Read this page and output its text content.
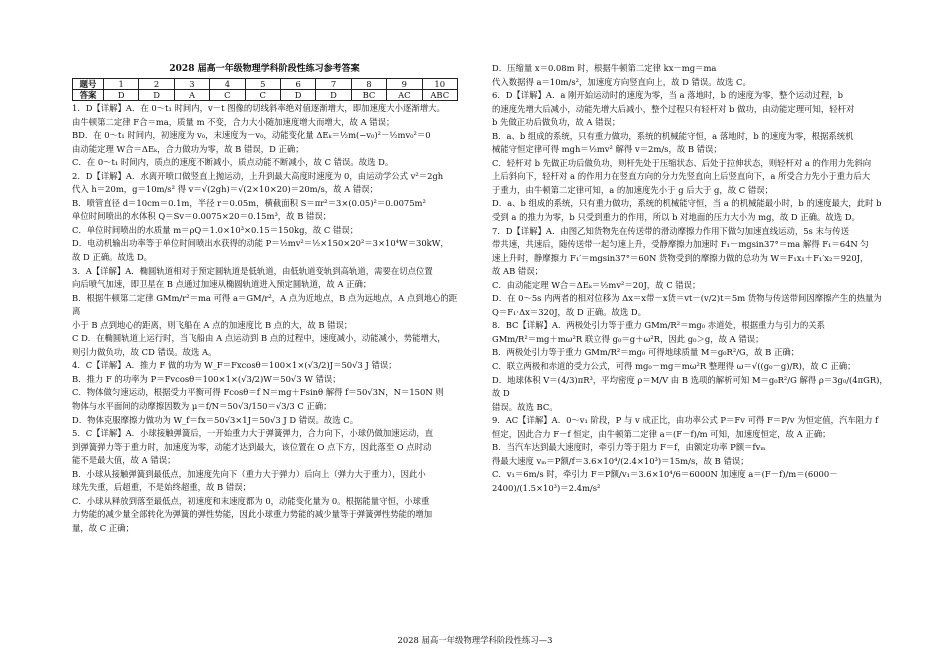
2028 届高一年级物理学科阶段性练习参考答案
题号	1	2	3	4	5	6	7	8	9	10
答案	D	D	A	C	C	D	D	BC	AC	ABC

1．D【详解】A．在 0～t₁ 时间内，v－t 图像的切线斜率绝对值逐渐增大，即加速度大小逐渐增大。

由牛顿第二定律 F合＝ma，质量 m 不变，合力大小随加速度增大而增大，故 A 错误；

BD．在 0～t₁ 时间内，初速度为 v₀，末速度为－v₀，动能变化量 ΔEₖ＝½m(−v₀)²－½mv₀²＝0

由动能定理 W合＝ΔEₖ，合力做功为零，故 B 错误，D 正确；

C．在 0～t₁ 时间内，质点的速度不断减小，质点动能不断减小，故 C 错误。故选 D。

2．D【详解】A．水离开喷口做竖直上抛运动，上升到最大高度时速度为 0，由运动学公式 v²＝2gh

代入 h＝20m，g＝10m/s² 得 v＝√(2gh)＝√(2×10×20)＝20m/s，故 A 错误；

B．喷管直径 d＝10cm＝0.1m，半径 r＝0.05m，横截面积 S＝πr²＝3×(0.05)²＝0.0075m²

单位时间喷出的水体积 Q＝Sv＝0.0075×20＝0.15m³，故 B 错误；

C．单位时间喷出的水质量 m＝ρQ＝1.0×10³×0.15＝150kg，故 C 错误；

D．电动机输出功率等于单位时间喷出水获得的动能 P＝½mv²＝½×150×20²＝3×10⁴W＝30kW，

故 D 正确。故选 D。

3．A【详解】A．椭圆轨道相对于预定圆轨道是低轨道，由低轨道变轨到高轨道，需要在切点位置

向后喷气加速，即卫星在 B 点通过加速从椭圆轨道进入预定圆轨道，故 A 正确；

B．根据牛顿第二定律 GMm/r²＝ma 可得 a＝GM/r²，A 点为近地点，B 点为远地点，A 点到地心的距离

小于 B 点到地心的距离，则飞船在 A 点的加速度比 B 点的大，故 B 错误；

C D．在椭圆轨道上运行时，当飞船由 A 点运动到 B 点的过程中，速度减小，动能减小，势能增大，

则引力做负功，故 CD 错误。故选 A。

4．C【详解】A．推力 F 做的功为 W_F＝Fxcosθ＝100×1×(√3/2)J＝50√3 J 错误；

B．推力 F 的功率为 P＝Fvcosθ＝100×1×(√3/2)W＝50√3 W 错误；

C．物体做匀速运动，根据受力平衡可得 Fcosθ＝f N＝mg＋Fsinθ 解得 f＝50√3N，N＝150N 则

物体与水平面间的动摩擦因数为 μ＝f/N＝50√3/150＝√3/3 C 正确；

D．物体克服摩擦力做功为 W_f＝fx＝50√3×1J＝50√3 J D 错误。故选 C。

5．C【详解】A．小球接触弹簧后，一开始重力大于弹簧弹力，合力向下，小球仍做加速运动，直

到弹簧弹力等于重力时，加速度为零，动能才达到最大，该位置在 O 点下方，因此落至 O 点时动

能不是最大值，故 A 错误；

B．小球从接触弹簧到最低点，加速度先向下（重力大于弹力）后向上（弹力大于重力），因此小

球先失重，后超重，不是始终超重，故 B 错误；

C．小球从释放到落至最低点，初速度和末速度都为 0，动能变化量为 0。根据能量守恒，小球重

力势能的减少量全部转化为弹簧的弹性势能，因此小球重力势能的减少量等于弹簧弹性势能的增加

量，故 C 正确；

D．压缩量 x＝0.08m 时，根据牛顿第二定律 kx－mg＝ma

代入数据得 a＝10m/s²，加速度方向竖直向上，故 D 错误。故选 C。

6．D【详解】A．a 刚开始运动时的速度为零，当 a 落地时，b 的速度为零，整个运动过程，b

的速度先增大后减小，动能先增大后减小，整个过程只有轻杆对 b 做功，由动能定理可知，轻杆对

b 先做正功后做负功，故 A 错误；

B．a、b 组成的系统，只有重力做功，系统的机械能守恒，a 落地时，b 的速度为零，根据系统机

械能守恒定律可得 mgh＝½mv² 解得 v＝2m/s，故 B 错误；

C．轻杆对 b 先做正功后做负功，则杆先处于压缩状态、后处于拉伸状态，则轻杆对 a 的作用力先斜向

上后斜向下，轻杆对 a 的作用力在竖直方向的分力先竖直向上后竖直向下，a 所受合力先小于重力后大

于重力，由牛顿第二定律可知，a 的加速度先小于 g 后大于 g，故 C 错误；

D．a、b 组成的系统，只有重力做功，系统的机械能守恒，当 a 的机械能最小时，b 的速度最大，此时 b

受到 a 的推力为零，b 只受到重力的作用，所以 b 对地面的压力大小为 mg，故 D 正确。故选 D。

7．D【详解】A．由图乙知货物先在传送带的滑动摩擦力作用下做匀加速直线运动，5s 末与传送

带共速，共速后，随传送带一起匀速上升，受静摩擦力加速时 F₁－mgsin37°＝ma 解得 F₁＝64N 匀

速上升时，静摩擦力 F₁′＝mgsin37°＝60N 货物受到的摩擦力做的总功为 W＝F₁x₁＋F₁′x₂＝920J，

故 AB 错误；

C．由动能定理 W合＝ΔEₖ＝½mv²＝20J，故 C 错误；

D．在 0～5s 内两者的相对位移为 Δx＝x带－x货＝vt－(v/2)t＝5m 货物与传送带间因摩擦产生的热量为

Q＝F₁·Δx＝320J，故 D 正确。故选 D。

8．BC【详解】A．两极处引力等于重力 GMm/R²＝mg₀ 赤道处，根据重力与引力的关系

GMm/R²＝mg＋mω²R 联立得 g₀＝g＋ω²R，因此 g₀＞g，故 A 错误；

B．两极处引力等于重力 GMm/R²＝mg₀ 可得地球质量 M＝g₀R²/G，故 B 正确；

C．联立两极和赤道的受力公式，可得 mg₀－mg＝mω²R 整理得 ω＝√((g₀－g)/R)，故 C 正确；

D．地球体积 V＝(4/3)πR³，平均密度 ρ＝M/V 由 B 选项的解析可知 M＝g₀R²/G 解得 ρ＝3g₀/(4πGR)，故 D

错误。故选 BC。

9．AC【详解】A．0～v₁ 阶段，P 与 v 成正比，由功率公式 P＝Fv 可得 F＝P/v 为恒定值，汽车阻力 f

恒定，因此合力 F－f 恒定，由牛顿第二定律 a＝(F－f)/m 可知，加速度恒定，故 A 正确；

B．当汽车达到最大速度时，牵引力等于阻力 F＝f，由额定功率 P额＝fvₘ

得最大速度 vₘ＝P额/f＝3.6×10⁴/(2.4×10³)＝15m/s，故 B 错误；

C．v₁＝6m/s 时，牵引力 F＝P额/v₁＝3.6×10⁴/6＝6000N 加速度 a＝(F－f)/m＝(6000－2400)/(1.5×10³)＝2.4m/s²

2028 届高一年级物理学科阶段性练习—3
